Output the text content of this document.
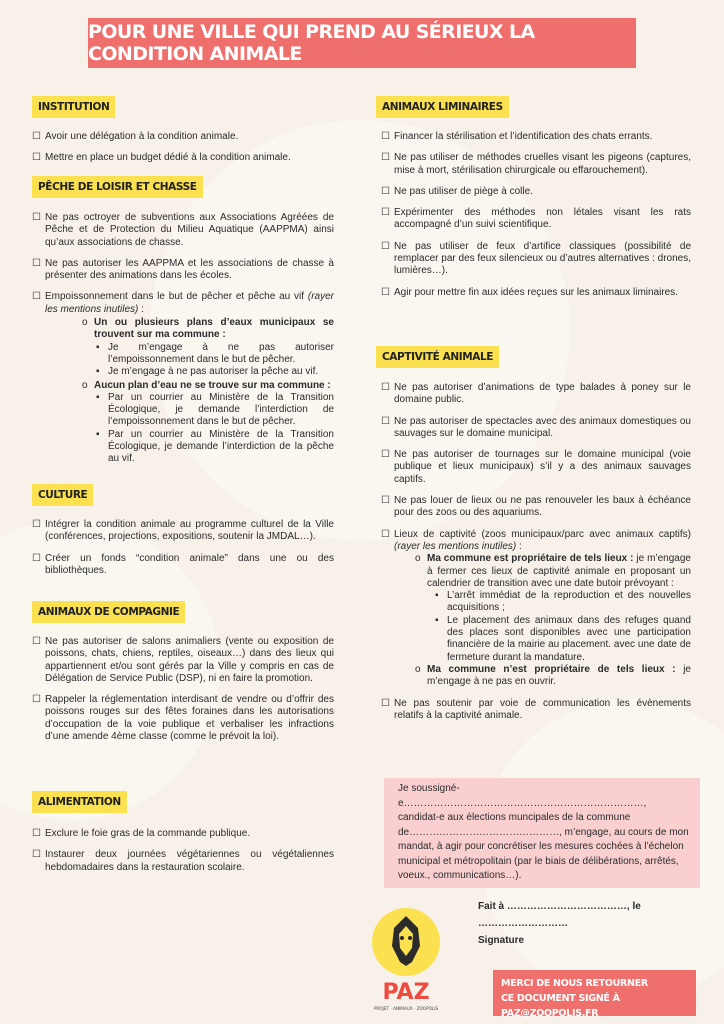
POUR UNE VILLE QUI PREND AU SÉRIEUX LA CONDITION ANIMALE
INSTITUTION
☐ Avoir une délégation à la condition animale.
☐ Mettre en place un budget dédié à la condition animale.
PÊCHE DE LOISIR ET CHASSE
☐ Ne pas octroyer de subventions aux Associations Agréées de Pêche et de Protection du Milieu Aquatique (AAPPMA) ainsi qu’aux associations de chasse.
☐ Ne pas autoriser les AAPPMA et les associations de chasse à présenter des animations dans les écoles.
☐ Empoissonnement dans le but de pêcher et pêche au vif (rayer les mentions inutiles) :
o Un ou plusieurs plans d’eaux municipaux se trouvent sur ma commune :
▪ Je m’engage à ne pas autoriser l’empoissonnement dans le but de pêcher.
▪ Je m’engage à ne pas autoriser la pêche au vif.
o Aucun plan d’eau ne se trouve sur ma commune :
▪ Par un courrier au Ministère de la Transition Écologique, je demande l’interdiction de l’empoissonnement dans le but de pêcher.
▪ Par un courrier au Ministère de la Transition Écologique, je demande l’interdiction de la pêche au vif.
CULTURE
☐ Intégrer la condition animale au programme culturel de la Ville (conférences, projections, expositions, soutenir la JMDAL…).
☐ Créer un fonds “condition animale” dans une ou des bibliothèques.
ANIMAUX DE COMPAGNIE
☐ Ne pas autoriser de salons animaliers (vente ou exposition de poissons, chats, chiens, reptiles, oiseaux…) dans des lieux qui appartiennent et/ou sont gérés par la Ville y compris en cas de Délégation de Service Public (DSP), ni en faire la promotion.
☐ Rappeler la réglementation interdisant de vendre ou d’offrir des poissons rouges sur des fêtes foraines dans les autorisations d’occupation de la voie publique et verbaliser les infractions d’une amende 4ème classe (comme le prévoit la loi).
ALIMENTATION
☐ Exclure le foie gras de la commande publique.
☐ Instaurer deux journées végétariennes ou végétaliennes hebdomadaires dans la restauration scolaire.
ANIMAUX LIMINAIRES
☐ Financer la stérilisation et l’identification des chats errants.
☐ Ne pas utiliser de méthodes cruelles visant les pigeons (captures, mise à mort, stérilisation chirurgicale ou effarouchement).
☐ Ne pas utiliser de piège à colle.
☐ Expérimenter des méthodes non létales visant les rats accompagné d’un suivi scientifique.
☐ Ne pas utiliser de feux d’artifice classiques (possibilité de remplacer par des feux silencieux ou d’autres alternatives : drones, lumières…).
☐ Agir pour mettre fin aux idées reçues sur les animaux liminaires.
CAPTIVITÉ ANIMALE
☐ Ne pas autoriser d’animations de type balades à poney sur le domaine public.
☐ Ne pas autoriser de spectacles avec des animaux domestiques ou sauvages sur le domaine municipal.
☐ Ne pas autoriser de tournages sur le domaine municipal (voie publique et lieux municipaux) s’il y a des animaux sauvages captifs.
☐ Ne pas louer de lieux ou ne pas renouveler les baux à échéance pour des zoos ou des aquariums.
☐ Lieux de captivité (zoos municipaux/parc avec animaux captifs) (rayer les mentions inutiles) :
o Ma commune est propriétaire de tels lieux : je m’engage à fermer ces lieux de captivité animale en proposant un calendrier de transition avec une date butoir prévoyant :
▪ L’arrêt immédiat de la reproduction et des nouvelles acquisitions ;
▪ Le placement des animaux dans des refuges quand des places sont disponibles avec une participation financière de la mairie au placement. avec une date de fermeture durant la mandature.
o Ma commune n’est propriétaire de tels lieux : je m’engage à ne pas en ouvrir.
☐ Ne pas soutenir par voie de communication les évènements relatifs à la captivité animale.
Je soussigné-e………………………………………………………………, candidat-e aux élections muncipales de la commune de………………………………………, m’engage, au cours de mon mandat, à agir pour concrétiser les mesures cochées à l’échelon municipal et métropolitain (par le biais de délibérations, arrêtés, voeux., communications…).
Fait à ………………………………, le ………………………
Signature
PAZ
PROJET · ANIMAUX · ZOOPOLIS
MERCI DE NOUS RETOURNER
CE DOCUMENT SIGNÉ À PAZ@ZOOPOLIS.FR
